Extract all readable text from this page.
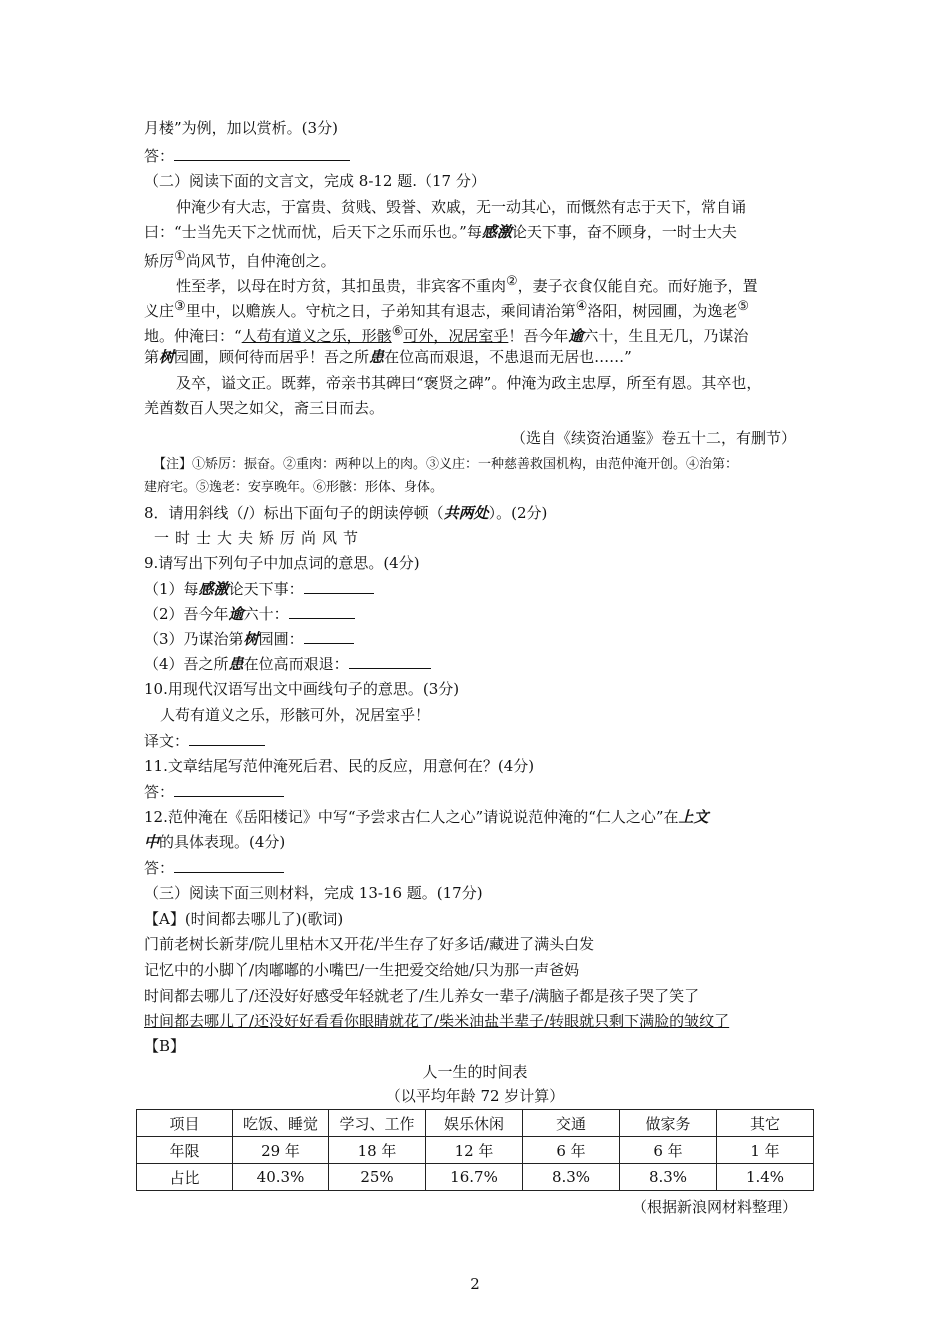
月楼”为例，加以赏析。(3分)
答：
（二）阅读下面的文言文，完成 8-12 题.（17 分）
仲淹少有大志，于富贵、贫贱、毁誉、欢戚，无一动其心，而慨然有志于天下，常自诵
曰：“士当先天下之忧而忧，后天下之乐而乐也。”每感激论天下事，奋不顾身，一时士大夫
矫厉①尚风节，自仲淹创之。
性至孝，以母在时方贫，其扣虽贵，非宾客不重肉②，妻子衣食仅能自充。而好施予，置
义庄③里中，以赡族人。守杭之日，子弟知其有退志，乘间请治第④洛阳，树园圃，为逸老⑤
地。仲淹曰：“人苟有道义之乐，形骸⑥可外，况居室乎！吾今年逾六十，生且无几，乃谋治
第树园圃，顾何待而居乎！吾之所患在位高而艰退，不患退而无居也……”
及卒，谥文正。既葬，帝亲书其碑曰“褒贤之碑”。仲淹为政主忠厚，所至有恩。其卒也，
羌酋数百人哭之如父，斋三日而去。
（选自《续资治通鉴》卷五十二，有删节）
【注】①矫厉：振奋。②重肉：两种以上的肉。③义庄：一种慈善救国机构，由范仲淹开创。④治第：
建府宅。⑤逸老：安享晚年。⑥形骸：形体、身体。
8．请用斜线（/）标出下面句子的朗读停顿（共两处）。(2分)
一时士大夫矫厉尚风节
9.请写出下列句子中加点词的意思。(4分)
（1）每感激论天下事：
（2）吾今年逾六十：
（3）乃谋治第树园圃：
（4）吾之所患在位高而艰退：
10.用现代汉语写出文中画线句子的意思。(3分)
人苟有道义之乐，形骸可外，况居室乎！
译文：
11.文章结尾写范仲淹死后君、民的反应，用意何在？(4分)
答：
12.范仲淹在《岳阳楼记》中写“予尝求古仁人之心”请说说范仲淹的“仁人之心”在上文
中的具体表现。(4分)
答：
（三）阅读下面三则材料，完成 13-16 题。(17分)
【A】(时间都去哪儿了)(歌词)
门前老树长新芽/院儿里枯木又开花/半生存了好多话/藏进了满头白发
记忆中的小脚丫/肉嘟嘟的小嘴巴/一生把爱交给她/只为那一声爸妈
时间都去哪儿了/还没好好感受年轻就老了/生儿养女一辈子/满脑子都是孩子哭了笑了
时间都去哪儿了/还没好好看看你眼睛就花了/柴米油盐半辈子/转眼就只剩下满脸的皱纹了
【B】
人一生的时间表
（以平均年龄 72 岁计算）
项目	吃饭、睡觉	学习、工作	娱乐休闲	交通	做家务	其它
年限	29 年	18 年	12 年	6 年	6 年	1 年
占比	40.3%	25%	16.7%	8.3%	8.3%	1.4%
（根据新浪网材料整理）
2
